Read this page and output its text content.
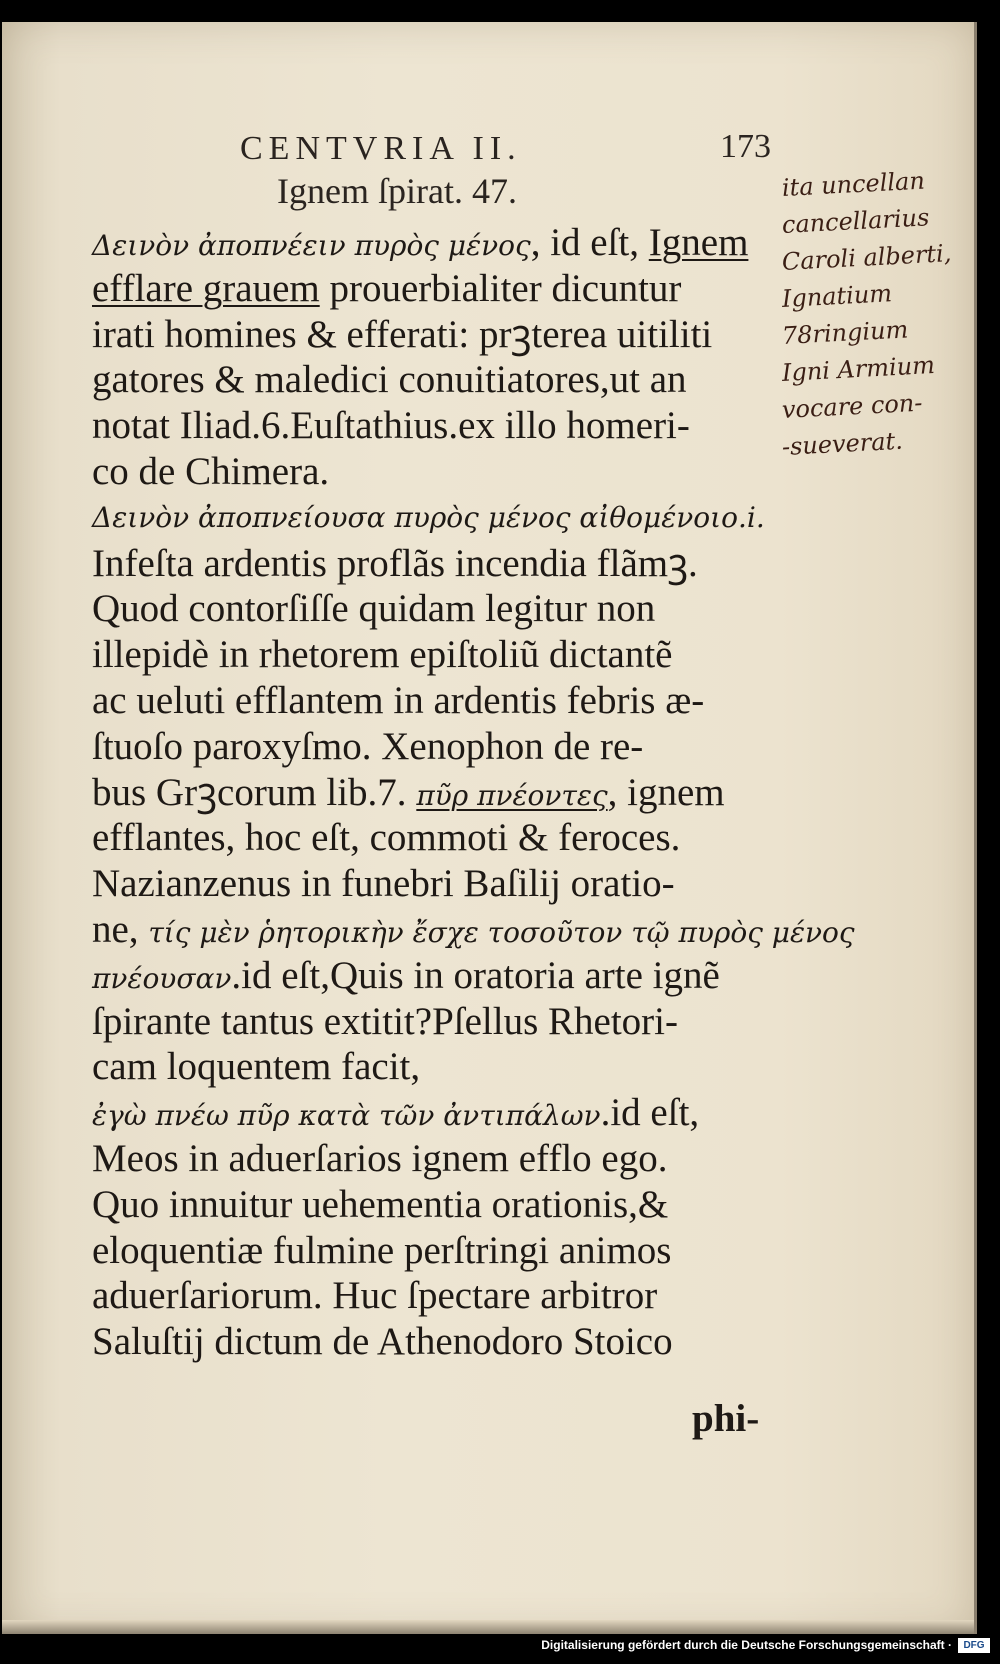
CENTVRIA II.	173
Ignem ſpirat. 47.
Δεινὸν ἀποπνέειν πυρὸς μένος, id eſt, Ignem
efflare grauem prouerbialiter dicuntur
irati homines & efferati: prꝫterea uitiliti
gatores & maledici conuitiatores,ut an
notat Iliad.6.Euſtathius.ex illo homeri-
co de Chimera.
Δεινὸν ἀποπνείουσα πυρὸς μένος αἰθομένοιο.i.
Infeſta ardentis proflãs incendia flãmꝫ.
Quod contorſiſſe quidam legitur non
illepidè in rhetorem epiſtoliũ dictantẽ
ac ueluti efflantem in ardentis febris æ-
ſtuoſo paroxyſmo. Xenophon de re-
bus Grꝫcorum lib.7. πῦρ πνέοντες, ignem
efflantes, hoc eſt, commoti & feroces.
Nazianzenus in funebri Baſilij oratio-
ne, τίς μὲν ῥητορικὴν ἔσχε τοσοῦτον τῷ πυρὸς μένος
πνέουσαν.id eſt,Quis in oratoria arte ignẽ
ſpirante tantus extitit?Pſellus Rhetori-
cam loquentem facit,
ἐγὼ πνέω πῦρ κατὰ τῶν ἀντιπάλων.id eſt,
Meos in aduerſarios ignem efflo ego.
Quo innuitur uehementia orationis,&
eloquentiæ fulmine perſtringi animos
aduerſariorum. Huc ſpectare arbitror
Saluſtij dictum de Athenodoro Stoico
phi-
ita uncellan
cancellarius
Caroli alberti,
Ignatium
78ringium
Igni Armium
vocare con-
-sueverat.
Digitalisierung gefördert durch die Deutsche Forschungsgemeinschaft ·	DFG
